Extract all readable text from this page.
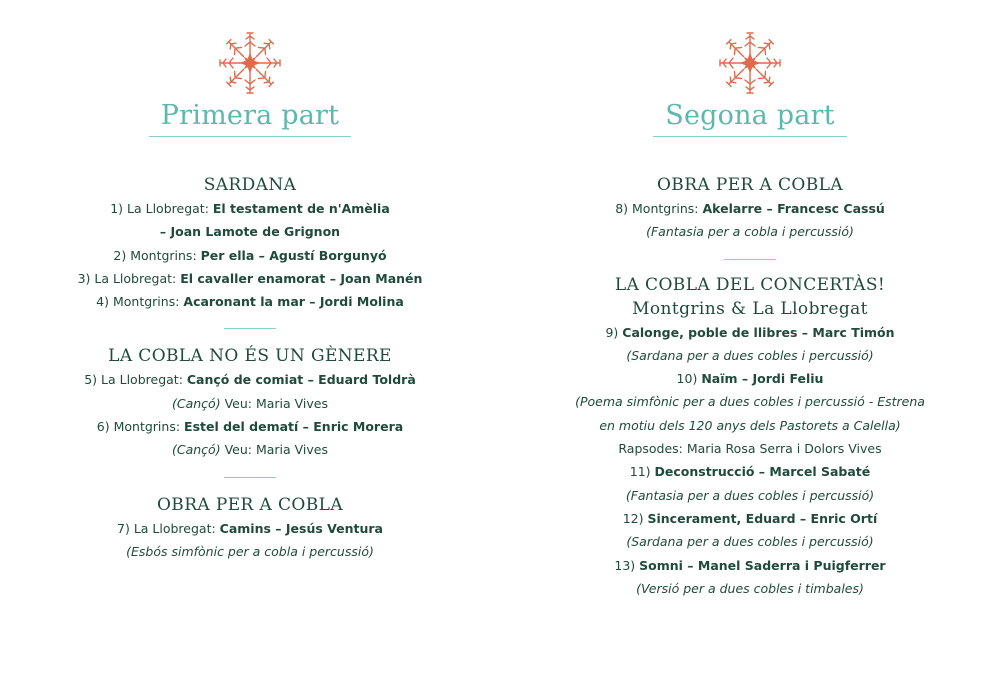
Primera part
SARDANA
1) La Llobregat: El testament de n'Amèlia
– Joan Lamote de Grignon
2) Montgrins: Per ella – Agustí Borgunyó
3) La Llobregat: El cavaller enamorat – Joan Manén
4) Montgrins: Acaronant la mar – Jordi Molina
LA COBLA NO ÉS UN GÈNERE
5) La Llobregat: Cançó de comiat – Eduard Toldrà
(Cançó) Veu: Maria Vives
6) Montgrins: Estel del dematí – Enric Morera
(Cançó) Veu: Maria Vives
OBRA PER A COBLA
7) La Llobregat: Camins – Jesús Ventura
(Esbós simfònic per a cobla i percussió)
Segona part
OBRA PER A COBLA
8) Montgrins: Akelarre – Francesc Cassú
(Fantasia per a cobla i percussió)
LA COBLA DEL CONCERTÀS!
Montgrins & La Llobregat
9) Calonge, poble de llibres – Marc Timón
(Sardana per a dues cobles i percussió)
10) Naïm – Jordi Feliu
(Poema simfònic per a dues cobles i percussió - Estrena
en motiu dels 120 anys dels Pastorets a Calella)
Rapsodes: Maria Rosa Serra i Dolors Vives
11) Deconstrucció – Marcel Sabaté
(Fantasia per a dues cobles i percussió)
12) Sincerament, Eduard – Enric Ortí
(Sardana per a dues cobles i percussió)
13) Somni – Manel Saderra i Puigferrer
(Versió per a dues cobles i timbales)
